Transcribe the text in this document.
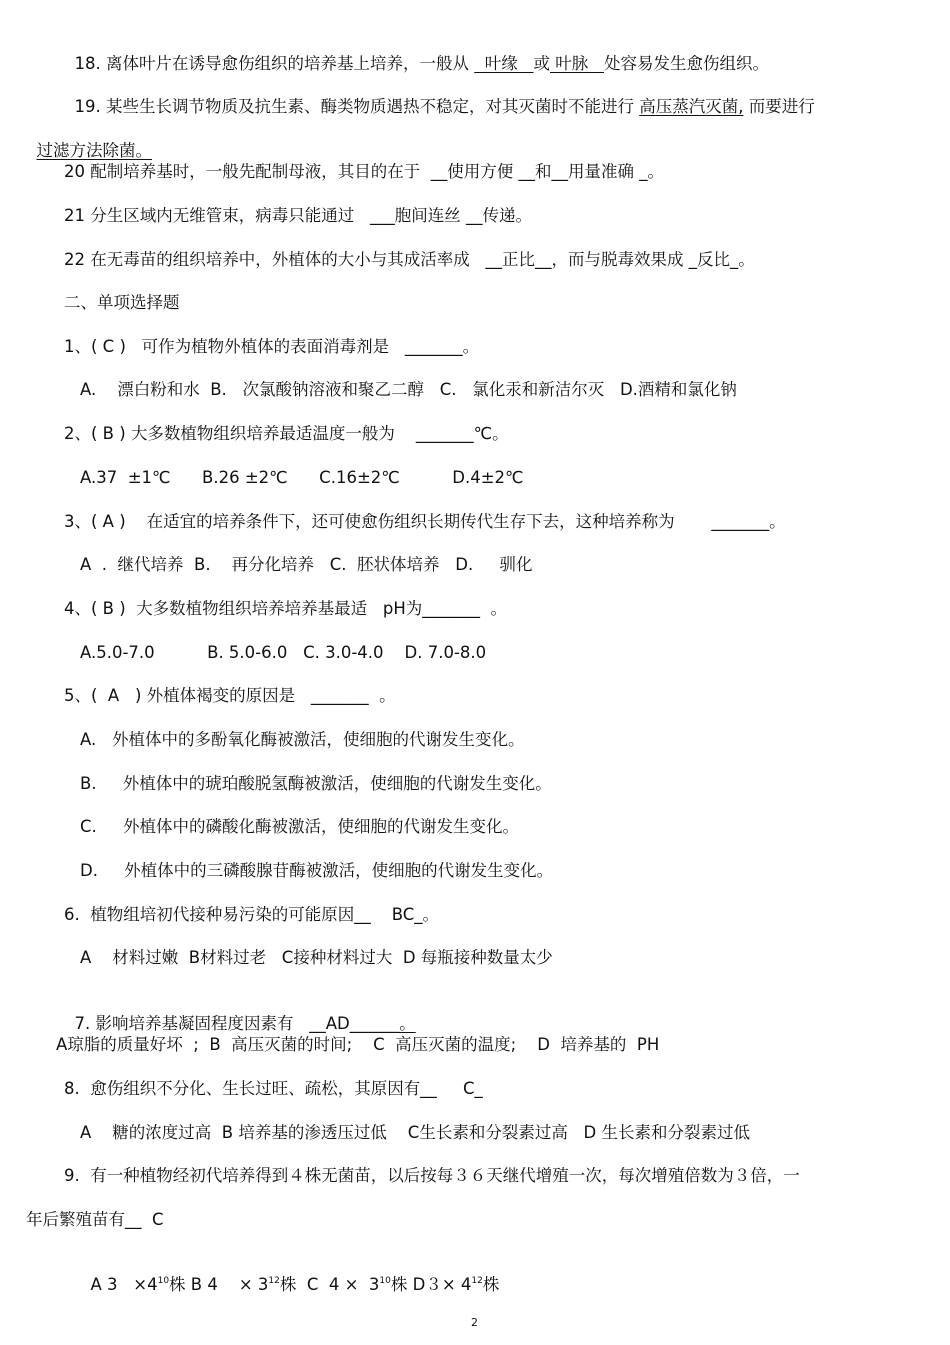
18. 离体叶片在诱导愈伤组织的培养基上培养，一般从   叶缘   或 叶脉   处容易发生愈伤组织。

19. 某些生长调节物质及抗生素、酶类物质遇热不稳定，对其灭菌时不能进行 高压蒸汽灭菌, 而要进行

过滤方法除菌。

20 配制培养基时，一般先配制母液，其目的在于  __使用方便 __和__用量准确 _。
21 分生区域内无维管束，病毒只能通过   ___胞间连丝 __传递。
22 在无毒苗的组织培养中，外植体的大小与其成活率成   __正比__，而与脱毒效果成 _反比_。
二、单项选择题
1、( C )   可作为植物外植体的表面消毒剂是   _______。
A.    漂白粉和水  B.   次氯酸钠溶液和聚乙二醇   C.   氯化汞和新洁尔灭   D.酒精和氯化钠
2、( B ) 大多数植物组织培养最适温度一般为    _______℃。
A.37  ±1℃      B.26 ±2℃      C.16±2℃          D.4±2℃
3、( A )    在适宜的培养条件下，还可使愈伤组织长期传代生存下去，这种培养称为       _______。
A  .  继代培养  B.    再分化培养   C.  胚状体培养   D.     驯化
4、( B )  大多数植物组织培养培养基最适   pH为_______  。
A.5.0-7.0          B. 5.0-6.0   C. 3.0-4.0    D. 7.0-8.0
5、(  A   ) 外植体褐变的原因是   _______  。
A.   外植体中的多酚氧化酶被激活，使细胞的代谢发生变化。
B.     外植体中的琥珀酸脱氢酶被激活，使细胞的代谢发生变化。
C.     外植体中的磷酸化酶被激活，使细胞的代谢发生变化。
D.     外植体中的三磷酸腺苷酶被激活，使细胞的代谢发生变化。
6.  植物组培初代接种易污染的可能原因__    BC_。
A    材料过嫩  B材料过老   C接种材料过大  D 每瓶接种数量太少

7. 影响培养基凝固程度因素有   __AD______。

A琼脂的质量好坏  ;  B  高压灭菌的时间;    C  高压灭菌的温度;    D  培养基的  PH
8.  愈伤组织不分化、生长过旺、疏松，其原因有__     C_
A    糖的浓度过高  B 培养基的渗透压过低    C生长素和分裂素过高   D 生长素和分裂素过低
9.  有一种植物经初代培养得到４株无菌苗，以后按每３６天继代增殖一次，每次增殖倍数为３倍，一
年后繁殖苗有__  C

A $3 \times 4^{10}$株 B 4    × $3^{12}$株  C  $4 \times 3^{10}$株 $D3\times 4^{12}$株

2
